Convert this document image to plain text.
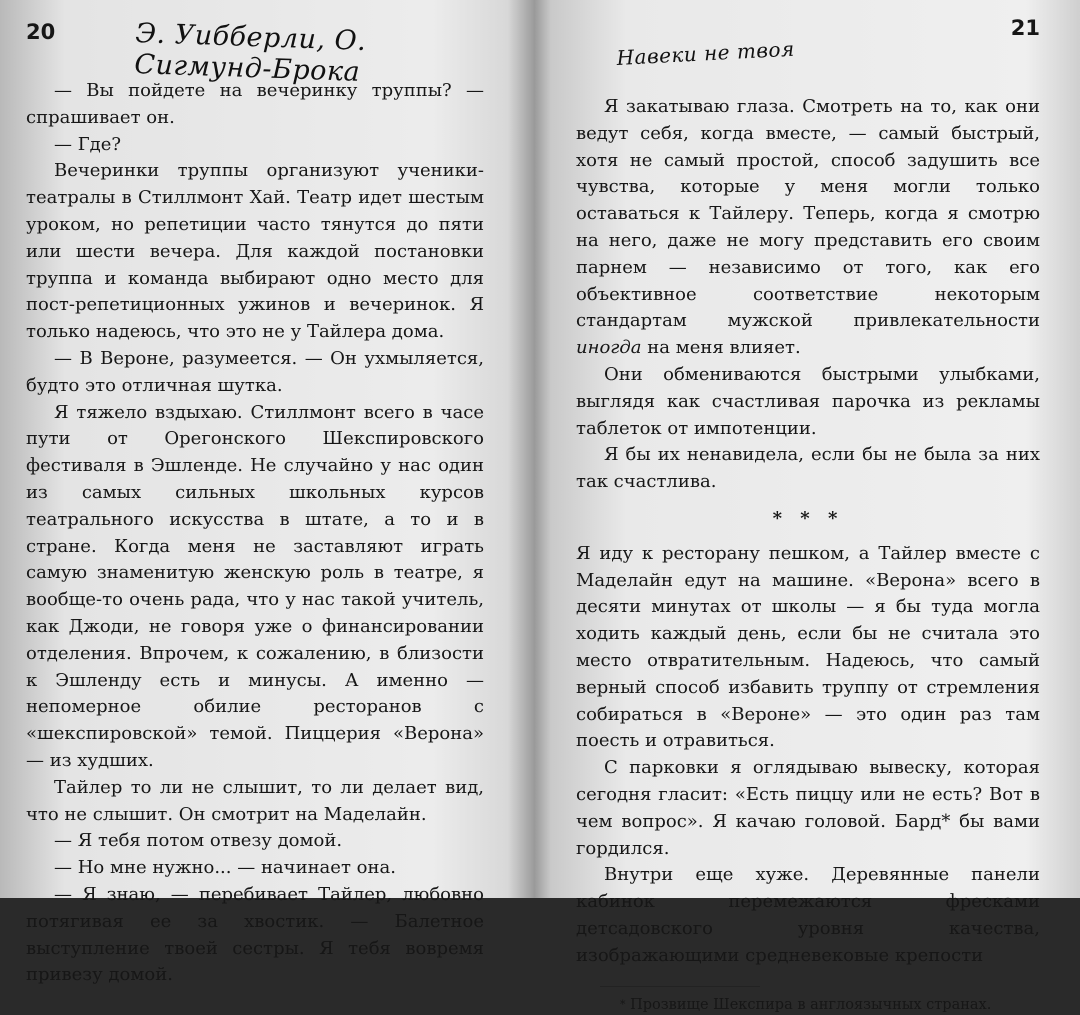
20	Э. Уибберли, О. Сигмунд-Брока

— Вы пойдете на вечеринку труппы? — спрашивает он.

— Где?

Вечеринки труппы организуют ученики-театралы в Стиллмонт Хай. Театр идет шестым уроком, но репетиции часто тянутся до пяти или шести вечера. Для каждой постановки труппа и команда выбирают одно место для пост-репетиционных ужинов и вечеринок. Я только надеюсь, что это не у Тайлера дома.

— В Вероне, разумеется. — Он ухмыляется, будто это отличная шутка.

Я тяжело вздыхаю. Стиллмонт всего в часе пути от Орегонского Шекспировского фестиваля в Эшленде. Не случайно у нас один из самых сильных школьных курсов театрального искусства в штате, а то и в стране. Когда меня не заставляют играть самую знаменитую женскую роль в театре, я вообще-то очень рада, что у нас такой учитель, как Джоди, не говоря уже о финансировании отделения. Впрочем, к сожалению, в близости к Эшленду есть и минусы. А именно — непомерное обилие ресторанов с «шекспировской» темой. Пиццерия «Верона» — из худших.

Тайлер то ли не слышит, то ли делает вид, что не слышит. Он смотрит на Маделайн.

— Я тебя потом отвезу домой.

— Но мне нужно... — начинает она.

— Я знаю, — перебивает Тайлер, любовно потягивая ее за хвостик. — Балетное выступление твоей сестры. Я тебя вовремя привезу домой.

21
Навеки не твоя

Я закатываю глаза. Смотреть на то, как они ведут себя, когда вместе, — самый быстрый, хотя не самый простой, способ задушить все чувства, которые у меня могли только оставаться к Тайлеру. Теперь, когда я смотрю на него, даже не могу представить его своим парнем — независимо от того, как его объективное соответствие некоторым стандартам мужской привлекательности иногда на меня влияет.

Они обмениваются быстрыми улыбками, выглядя как счастливая парочка из рекламы таблеток от импотенции.

Я бы их ненавидела, если бы не была за них так счастлива.

* * *

Я иду к ресторану пешком, а Тайлер вместе с Маделайн едут на машине. «Верона» всего в десяти минутах от школы — я бы туда могла ходить каждый день, если бы не считала это место отвратительным. Надеюсь, что самый верный способ избавить труппу от стремления собираться в «Вероне» — это один раз там поесть и отравиться.

С парковки я оглядываю вывеску, которая сегодня гласит: «Есть пиццу или не есть? Вот в чем вопрос». Я качаю головой. Бард* бы вами гордился.

Внутри еще хуже. Деревянные панели кабинок перемежаются фресками детсадовского уровня качества, изображающими средневековые крепости

* Прозвище Шекспира в англоязычных странах.
